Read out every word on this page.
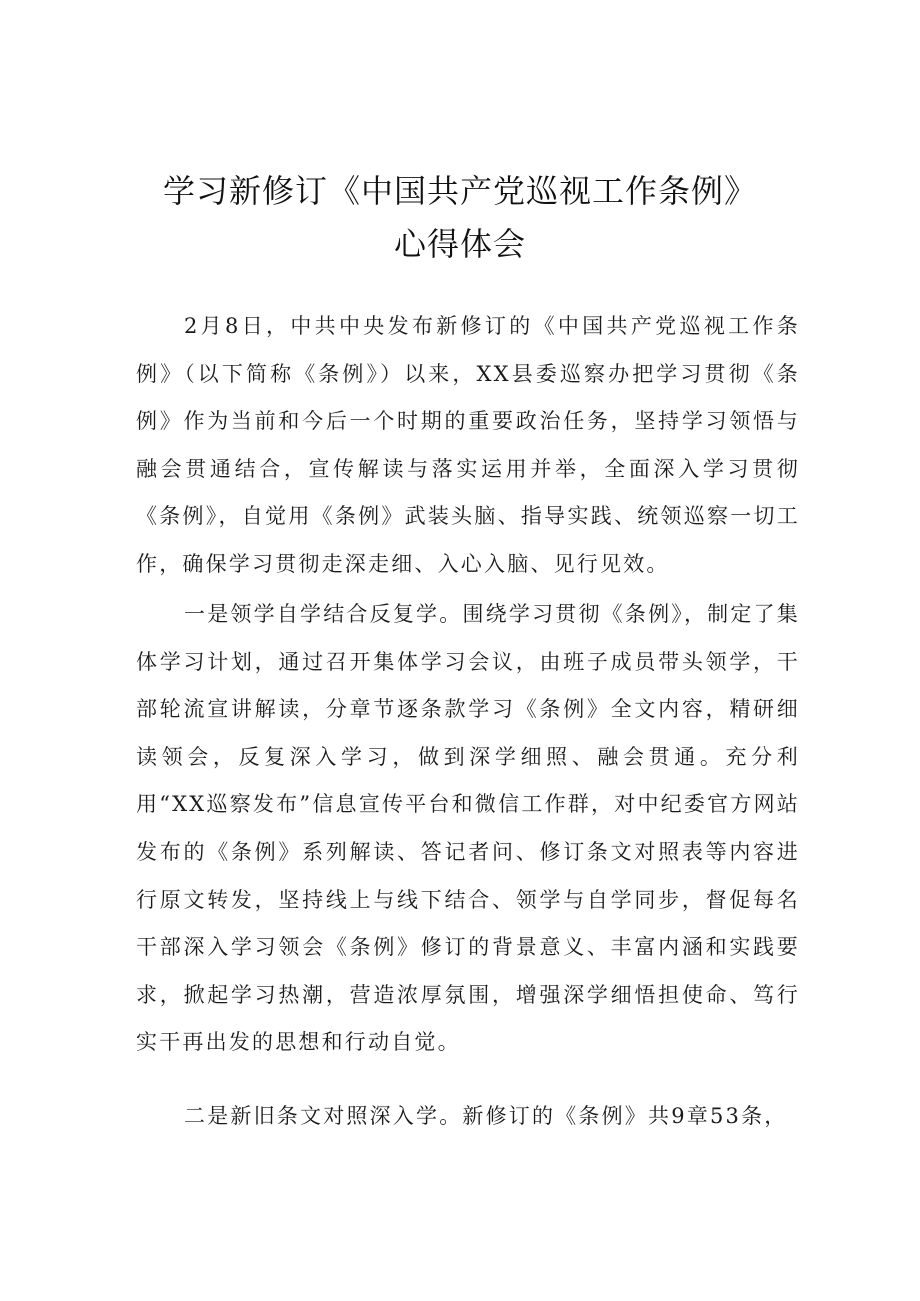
学习新修订《中国共产党巡视工作条例》
心得体会

2月8日，中共中央发布新修订的《中国共产党巡视工作条例》（以下简称《条例》）以来，XX县委巡察办把学习贯彻《条例》作为当前和今后一个时期的重要政治任务，坚持学习领悟与融会贯通结合，宣传解读与落实运用并举，全面深入学习贯彻《条例》，自觉用《条例》武装头脑、指导实践、统领巡察一切工作，确保学习贯彻走深走细、入心入脑、见行见效。

一是领学自学结合反复学。围绕学习贯彻《条例》，制定了集体学习计划，通过召开集体学习会议，由班子成员带头领学，干部轮流宣讲解读，分章节逐条款学习《条例》全文内容，精研细读领会，反复深入学习，做到深学细照、融会贯通。充分利用“XX巡察发布”信息宣传平台和微信工作群，对中纪委官方网站发布的《条例》系列解读、答记者问、修订条文对照表等内容进行原文转发，坚持线上与线下结合、领学与自学同步，督促每名干部深入学习领会《条例》修订的背景意义、丰富内涵和实践要求，掀起学习热潮，营造浓厚氛围，增强深学细悟担使命、笃行实干再出发的思想和行动自觉。

二是新旧条文对照深入学。新修订的《条例》共9章53条，
